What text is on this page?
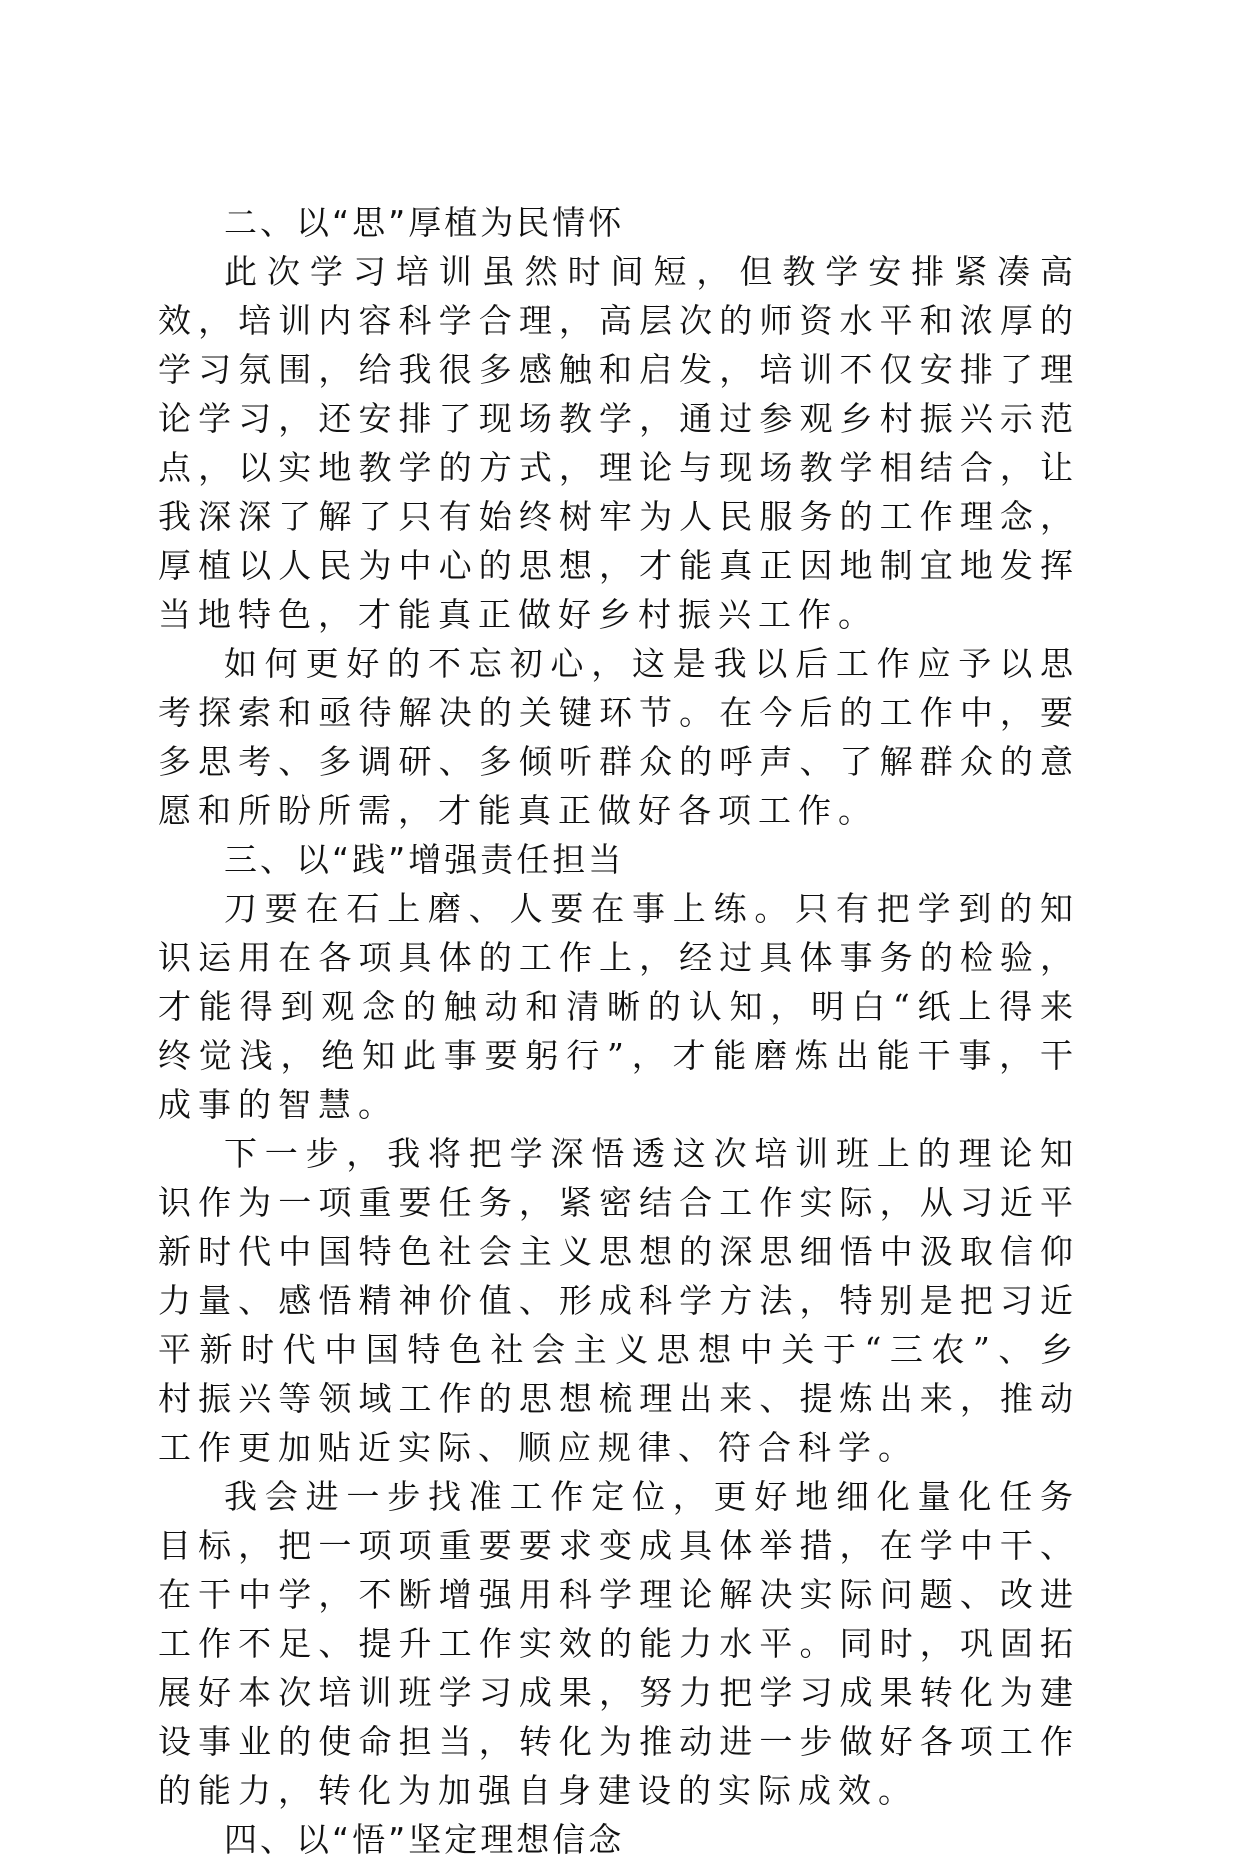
二、以“思”厚植为民情怀

此次学习培训虽然时间短，但教学安排紧凑高效，培训内容科学合理，高层次的师资水平和浓厚的学习氛围，给我很多感触和启发，培训不仅安排了理论学习，还安排了现场教学，通过参观乡村振兴示范点，以实地教学的方式，理论与现场教学相结合，让我深深了解了只有始终树牢为人民服务的工作理念，厚植以人民为中心的思想，才能真正因地制宜地发挥当地特色，才能真正做好乡村振兴工作。

如何更好的不忘初心，这是我以后工作应予以思考探索和亟待解决的关键环节。在今后的工作中，要多思考、多调研、多倾听群众的呼声、了解群众的意愿和所盼所需，才能真正做好各项工作。

三、以“践”增强责任担当

刀要在石上磨、人要在事上练。只有把学到的知识运用在各项具体的工作上，经过具体事务的检验，才能得到观念的触动和清晰的认知，明白“纸上得来终觉浅，绝知此事要躬行”，才能磨炼出能干事，干成事的智慧。

下一步，我将把学深悟透这次培训班上的理论知识作为一项重要任务，紧密结合工作实际，从习近平新时代中国特色社会主义思想的深思细悟中汲取信仰力量、感悟精神价值、形成科学方法，特别是把习近平新时代中国特色社会主义思想中关于“三农”、乡村振兴等领域工作的思想梳理出来、提炼出来，推动工作更加贴近实际、顺应规律、符合科学。

我会进一步找准工作定位，更好地细化量化任务目标，把一项项重要要求变成具体举措，在学中干、在干中学，不断增强用科学理论解决实际问题、改进工作不足、提升工作实效的能力水平。同时，巩固拓展好本次培训班学习成果，努力把学习成果转化为建设事业的使命担当，转化为推动进一步做好各项工作的能力，转化为加强自身建设的实际成效。

四、以“悟”坚定理想信念
